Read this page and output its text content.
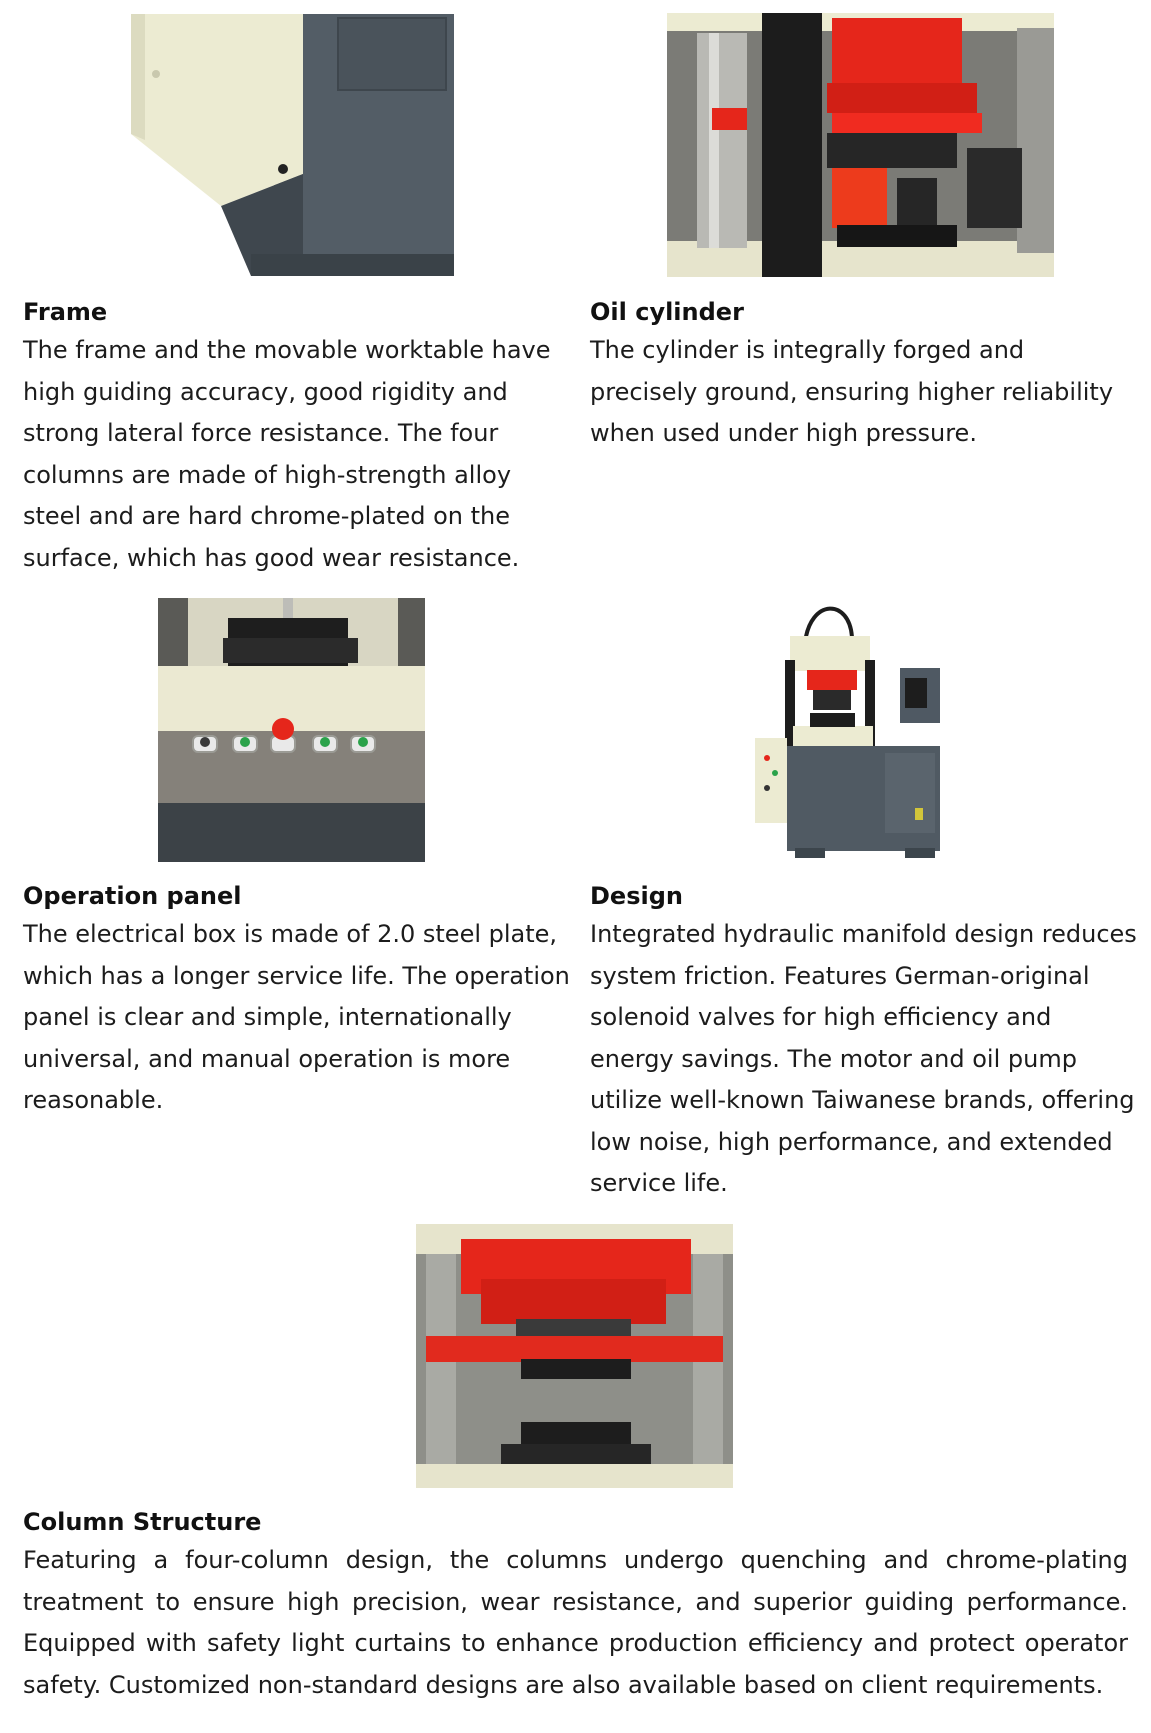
Frame

The frame and the movable worktable have high guiding accuracy, good rigidity and strong lateral force resistance. The four columns are made of high-strength alloy steel and are hard chrome-plated on the surface, which has good wear resistance.

Oil cylinder

The cylinder is integrally forged and precisely ground, ensuring higher reliability when used under high pressure.

Operation panel

The electrical box is made of 2.0 steel plate, which has a longer service life. The operation panel is clear and simple, internationally universal, and manual operation is more reasonable.

Design

Integrated hydraulic manifold design reduces system friction. Features German-original solenoid valves for high efficiency and energy savings. The motor and oil pump utilize well-known Taiwanese brands, offering low noise, high performance, and extended service life.

Column Structure

Featuring a four-column design, the columns undergo quenching and chrome-plating treatment to ensure high precision, wear resistance, and superior guiding performance. Equipped with safety light curtains to enhance production efficiency and protect operator safety. Customized non-standard designs are also available based on client requirements.
